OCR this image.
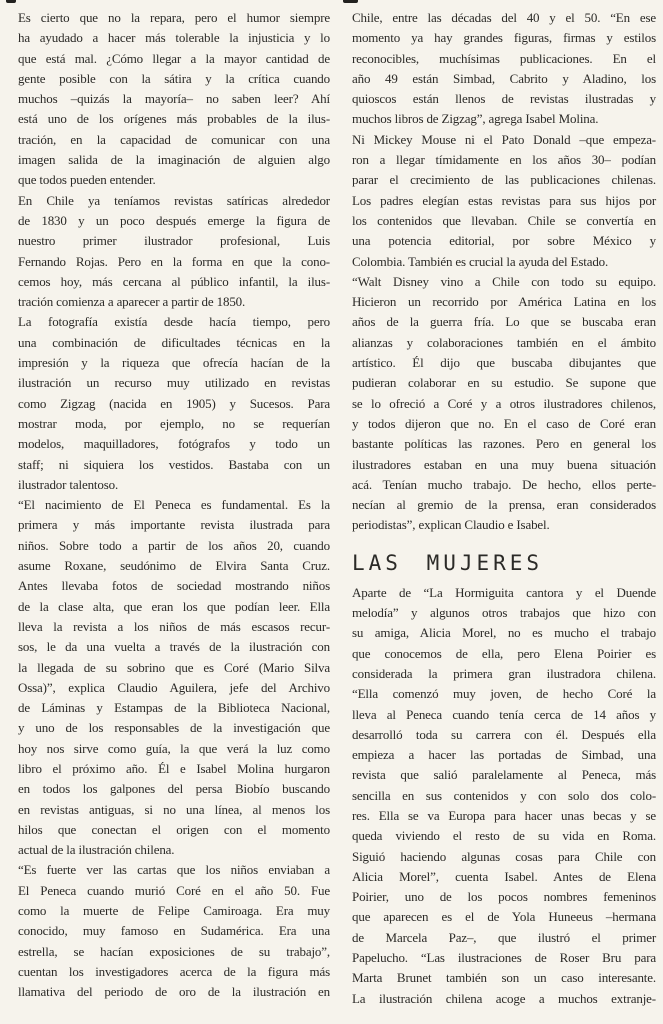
Es cierto que no la repara, pero el humor siempre
ha ayudado a hacer más tolerable la injusticia y lo
que está mal. ¿Cómo llegar a la mayor cantidad de
gente posible con la sátira y la crítica cuando
muchos –quizás la mayoría– no saben leer? Ahí
está uno de los orígenes más probables de la ilus-
tración, en la capacidad de comunicar con una
imagen salida de la imaginación de alguien algo
que todos pueden entender.
En Chile ya teníamos revistas satíricas alrededor
de 1830 y un poco después emerge la figura de
nuestro primer ilustrador profesional, Luis
Fernando Rojas. Pero en la forma en que la cono-
cemos hoy, más cercana al público infantil, la ilus-
tración comienza a aparecer a partir de 1850.
La fotografía existía desde hacía tiempo, pero
una combinación de dificultades técnicas en la
impresión y la riqueza que ofrecía hacían de la
ilustración un recurso muy utilizado en revistas
como Zigzag (nacida en 1905) y Sucesos. Para
mostrar moda, por ejemplo, no se requerían
modelos, maquilladores, fotógrafos y todo un
staff; ni siquiera los vestidos. Bastaba con un
ilustrador talentoso.
“El nacimiento de El Peneca es fundamental. Es la
primera y más importante revista ilustrada para
niños. Sobre todo a partir de los años 20, cuando
asume Roxane, seudónimo de Elvira Santa Cruz.
Antes llevaba fotos de sociedad mostrando niños
de la clase alta, que eran los que podían leer. Ella
lleva la revista a los niños de más escasos recur-
sos, le da una vuelta a través de la ilustración con
la llegada de su sobrino que es Coré (Mario Silva
Ossa)”, explica Claudio Aguilera, jefe del Archivo
de Láminas y Estampas de la Biblioteca Nacional,
y uno de los responsables de la investigación que
hoy nos sirve como guía, la que verá la luz como
libro el próximo año. Él e Isabel Molina hurgaron
en todos los galpones del persa Biobío buscando
en revistas antiguas, si no una línea, al menos los
hilos que conectan el origen con el momento
actual de la ilustración chilena.
“Es fuerte ver las cartas que los niños enviaban a
El Peneca cuando murió Coré en el año 50. Fue
como la muerte de Felipe Camiroaga. Era muy
conocido, muy famoso en Sudamérica. Era una
estrella, se hacían exposiciones de su trabajo”,
cuentan los investigadores acerca de la figura más
llamativa del periodo de oro de la ilustración en
Chile, entre las décadas del 40 y el 50. “En ese
momento ya hay grandes figuras, firmas y estilos
reconocibles, muchísimas publicaciones. En el
año 49 están Simbad, Cabrito y Aladino, los
quioscos están llenos de revistas ilustradas y
muchos libros de Zigzag”, agrega Isabel Molina.
Ni Mickey Mouse ni el Pato Donald –que empeza-
ron a llegar tímidamente en los años 30– podían
parar el crecimiento de las publicaciones chilenas.
Los padres elegían estas revistas para sus hijos por
los contenidos que llevaban. Chile se convertía en
una potencia editorial, por sobre México y
Colombia. También es crucial la ayuda del Estado.
“Walt Disney vino a Chile con todo su equipo.
Hicieron un recorrido por América Latina en los
años de la guerra fría. Lo que se buscaba eran
alianzas y colaboraciones también en el ámbito
artístico. Él dijo que buscaba dibujantes que
pudieran colaborar en su estudio. Se supone que
se lo ofreció a Coré y a otros ilustradores chilenos,
y todos dijeron que no. En el caso de Coré eran
bastante políticas las razones. Pero en general los
ilustradores estaban en una muy buena situación
acá. Tenían mucho trabajo. De hecho, ellos perte-
necían al gremio de la prensa, eran considerados
periodistas”, explican Claudio e Isabel.
LAS MUJERES
Aparte de “La Hormiguita cantora y el Duende
melodía” y algunos otros trabajos que hizo con
su amiga, Alicia Morel, no es mucho el trabajo
que conocemos de ella, pero Elena Poirier es
considerada la primera gran ilustradora chilena.
“Ella comenzó muy joven, de hecho Coré la
lleva al Peneca cuando tenía cerca de 14 años y
desarrolló toda su carrera con él. Después ella
empieza a hacer las portadas de Simbad, una
revista que salió paralelamente al Peneca, más
sencilla en sus contenidos y con solo dos colo-
res. Ella se va Europa para hacer unas becas y se
queda viviendo el resto de su vida en Roma.
Siguió haciendo algunas cosas para Chile con
Alicia Morel”, cuenta Isabel. Antes de Elena
Poirier, uno de los pocos nombres femeninos
que aparecen es el de Yola Huneeus –hermana
de Marcela Paz–, que ilustró el primer
Papelucho. “Las ilustraciones de Roser Bru para
Marta Brunet también son un caso interesante.
La ilustración chilena acoge a muchos extranje-
